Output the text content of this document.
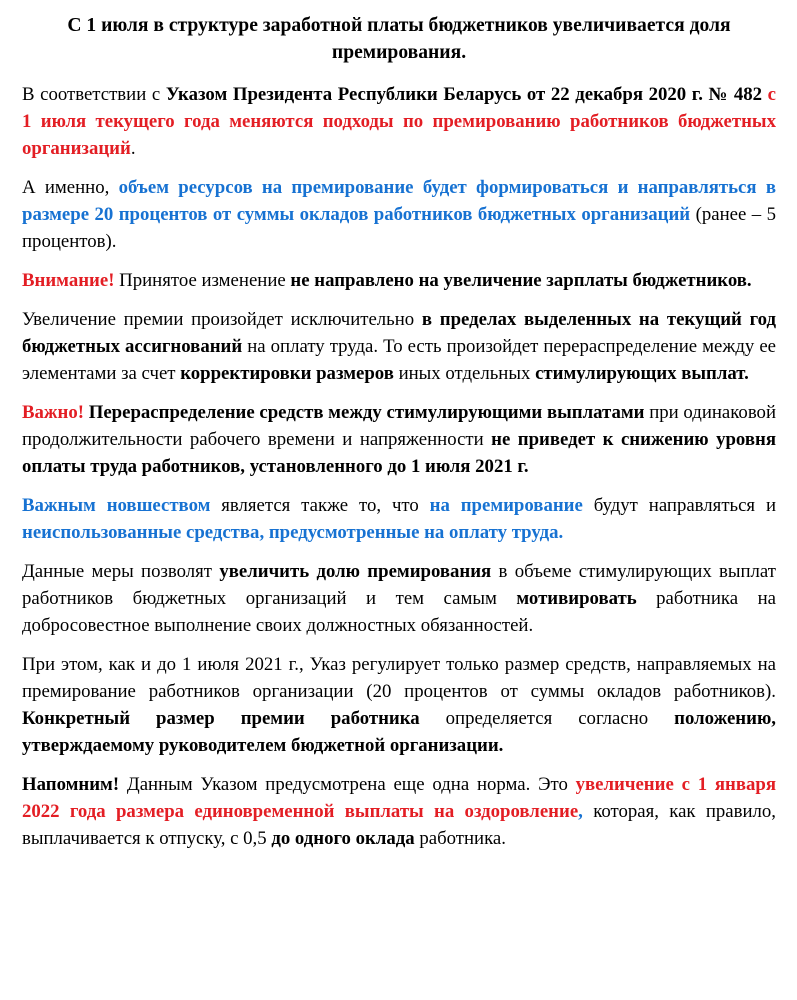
С 1 июля в структуре заработной платы бюджетников увеличивается доля премирования.

В соответствии с Указом Президента Республики Беларусь от 22 декабря 2020 г. № 482 с 1 июля текущего года меняются подходы по премированию работников бюджетных организаций.

А именно, объем ресурсов на премирование будет формироваться и направляться в размере 20 процентов от суммы окладов работников бюджетных организаций (ранее – 5 процентов).

Внимание! Принятое изменение не направлено на увеличение зарплаты бюджетников.

Увеличение премии произойдет исключительно в пределах выделенных на текущий год бюджетных ассигнований на оплату труда. То есть произойдет перераспределение между ее элементами за счет корректировки размеров иных отдельных стимулирующих выплат.

Важно! Перераспределение средств между стимулирующими выплатами при одинаковой продолжительности рабочего времени и напряженности не приведет к снижению уровня оплаты труда работников, установленного до 1 июля 2021 г.

Важным новшеством является также то, что на премирование будут направляться и неиспользованные средства, предусмотренные на оплату труда.

Данные меры позволят увеличить долю премирования в объеме стимулирующих выплат работников бюджетных организаций и тем самым мотивировать работника на добросовестное выполнение своих должностных обязанностей.

При этом, как и до 1 июля 2021 г., Указ регулирует только размер средств, направляемых на премирование работников организации (20 процентов от суммы окладов работников). Конкретный размер премии работника определяется согласно положению, утверждаемому руководителем бюджетной организации.

Напомним! Данным Указом предусмотрена еще одна норма. Это увеличение с 1 января 2022 года размера единовременной выплаты на оздоровление, которая, как правило, выплачивается к отпуску, с 0,5 до одного оклада работника.
